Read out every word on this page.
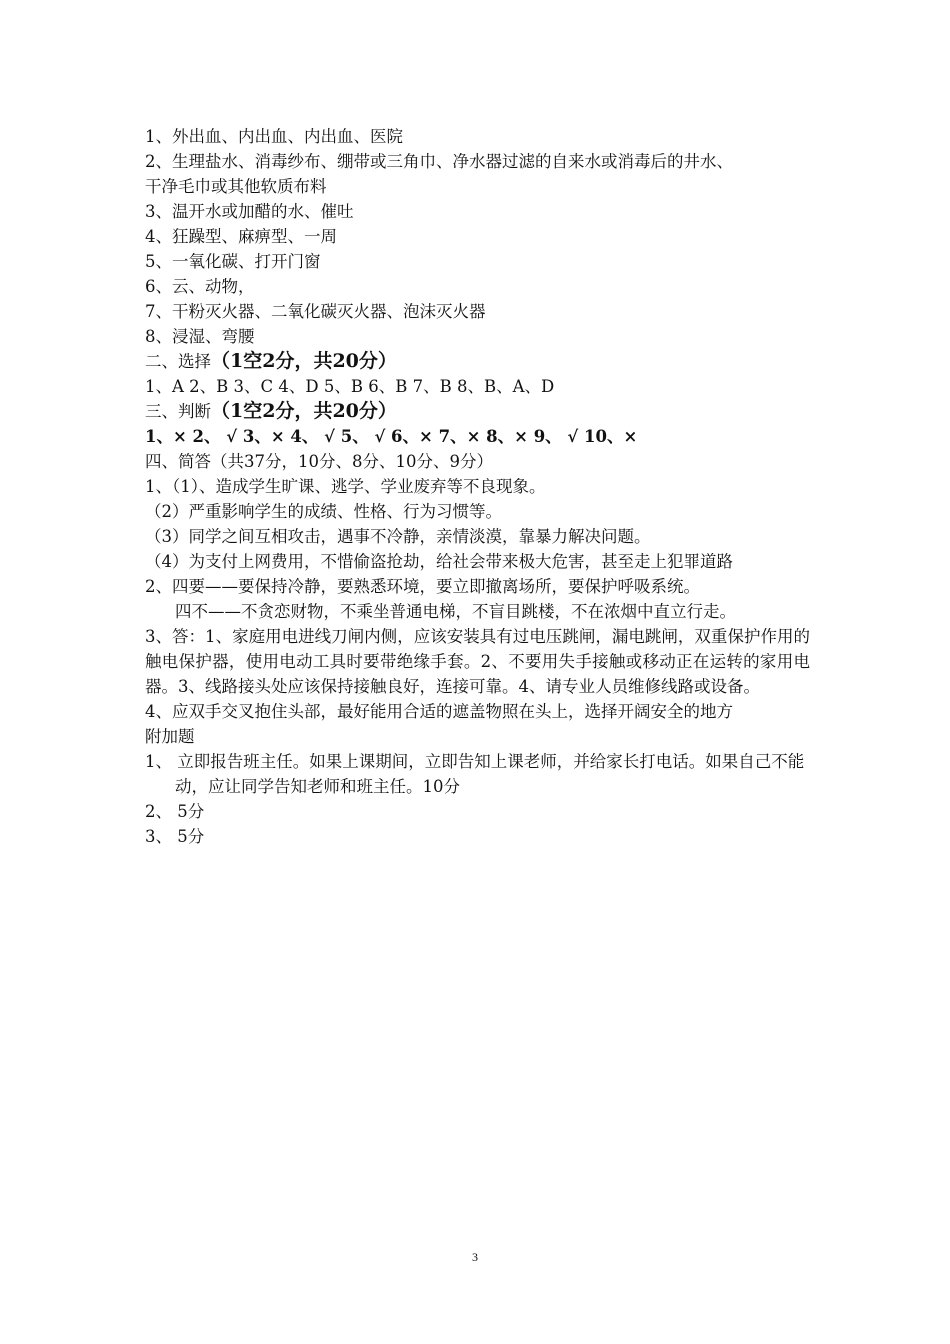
1、外出血、内出血、内出血、医院
2、生理盐水、消毒纱布、绷带或三角巾、净水器过滤的自来水或消毒后的井水、
干净毛巾或其他软质布料
3、温开水或加醋的水、催吐
4、狂躁型、麻痹型、一周
5、一氧化碳、打开门窗
6、云、动物，
7、干粉灭火器、二氧化碳灭火器、泡沫灭火器
8、浸湿、弯腰
二、选择（1空2分，共20分）
1、A 2、B 3、C 4、D 5、B 6、B 7、B 8、B、A、D
三、判断（1空2分，共20分）
1、× 2、 √ 3、× 4、 √ 5、 √ 6、× 7、× 8、× 9、 √ 10、×
四、简答（共37分，10分、8分、10分、9分）
1、（1）、造成学生旷课、逃学、学业废弃等不良现象。
（2）严重影响学生的成绩、性格、行为习惯等。
（3）同学之间互相攻击，遇事不冷静，亲情淡漠，靠暴力解决问题。
（4）为支付上网费用，不惜偷盗抢劫，给社会带来极大危害，甚至走上犯罪道路
2、四要——要保持冷静，要熟悉环境，要立即撤离场所，要保护呼吸系统。
四不——不贪恋财物，不乘坐普通电梯，不盲目跳楼，不在浓烟中直立行走。
3、答：1、家庭用电进线刀闸内侧，应该安装具有过电压跳闸，漏电跳闸，双重保护作用的触电保护器，使用电动工具时要带绝缘手套。2、不要用失手接触或移动正在运转的家用电器。3、线路接头处应该保持接触良好，连接可靠。4、请专业人员维修线路或设备。
4、应双手交叉抱住头部，最好能用合适的遮盖物照在头上，选择开阔安全的地方
附加题
1、 立即报告班主任。如果上课期间，立即告知上课老师，并给家长打电话。如果自己不能动，应让同学告知老师和班主任。10分
2、 5分
3、 5分
3
